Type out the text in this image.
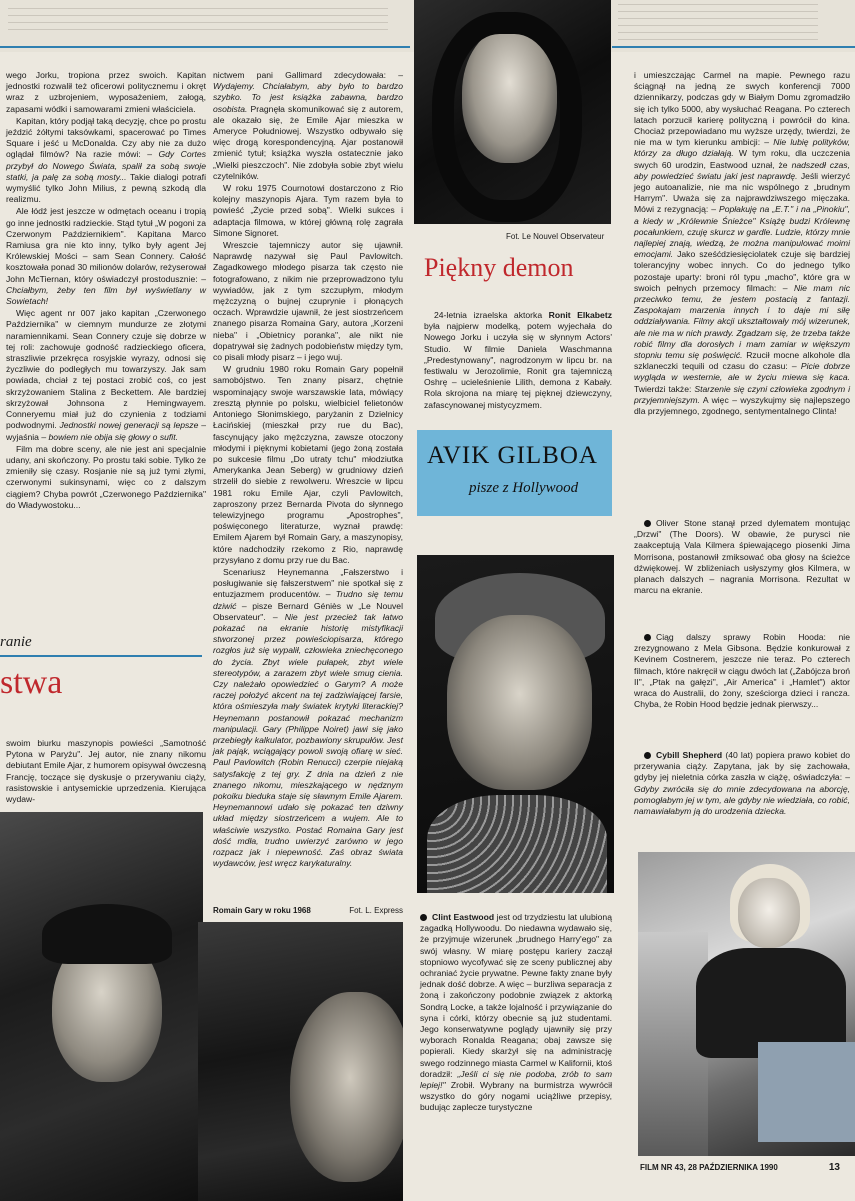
wego Jorku, tropiona przez swoich. Kapitan jednostki rozwalił też oficerowi politycznemu i okręt wraz z uzbrojeniem, wyposażeniem, załogą, zapasami wódki i samowarami zmieni właściciela.

Kapitan, który podjął taką decyzję, chce po prostu jeździć żółtymi taksówkami, spacerować po Times Square i jeść u McDonalda. Czy aby nie za dużo oglądał filmów? Na razie mówi: – Gdy Cortes przybył do Nowego Świata, spalił za sobą swoje statki, ja palę za sobą mosty... Takie dialogi potrafi wymyślić tylko John Milius, z pewną szkodą dla realizmu.

Ale łódź jest jeszcze w odmętach oceanu i tropią go inne jednostki radzieckie. Stąd tytuł „W pogoni za Czerwonym Październikiem". Kapitana Marco Ramiusa gra nie kto inny, tylko były agent Jej Królewskiej Mości – sam Sean Connery. Całość kosztowała ponad 30 milionów dolarów, reżyserował John McTiernan, który oświadczył prostodusznie: – Chciałbym, żeby ten film był wyświetlany w Sowietach!

Więc agent nr 007 jako kapitan „Czerwonego Października" w ciemnym mundurze ze złotymi naramiennikami. Sean Connery czuje się dobrze w tej roli: zachowuje godność radzieckiego oficera, straszliwie przekręca rosyjskie wyrazy, odnosi się życzliwie do podległych mu towarzyszy. Jak sam powiada, chciał z tej postaci zrobić coś, co jest skrzyżowaniem Stalina z Beckettem. Ale bardziej skrzyżował Johnsona z Hemingwayem. Conneryemu miał już do czynienia z todziami podwodnymi. Jednostki nowej generacji są lepsze – wyjaśnia – bowiem nie obija się głowy o sufit.

Film ma dobre sceny, ale nie jest ani specjalnie udany, ani skończony. Po prostu taki sobie. Tylko że zmieniły się czasy. Rosjanie nie są już tymi złymi, czerwonymi sukinsynami, więc co z dalszym ciągiem? Chyba powrót „Czerwonego Października" do Władywostoku...

ranie
stwa

nictwem pani Gallimard zdecydowała: – Wydajemy. Chciałabym, aby było to bardzo szybko. To jest książka zabawna, bardzo osobista. Pragnęła skomunikować się z autorem, ale okazało się, że Emile Ajar mieszka w Ameryce Południowej. Wszystko odbywało się więc drogą korespondencyjną. Ajar postanowił zmienić tytuł; książka wyszła ostatecznie jako „Wielki pieszczoch". Nie zdobyła sobie zbyt wielu czytelników.

W roku 1975 Cournotowi dostarczono z Rio kolejny maszynopis Ajara. Tym razem była to powieść „Życie przed sobą". Wielki sukces i adaptacja filmowa, w której główną rolę zagrała Simone Signoret.

Wreszcie tajemniczy autor się ujawnił. Naprawdę nazywał się Paul Pavlowitch. Zagadkowego młodego pisarza tak często nie fotografowano, z nikim nie przeprowadzono tylu wywiadów, jak z tym szczupłym, młodym mężczyzną o bujnej czuprynie i płonących oczach. Wprawdzie ujawnił, że jest siostrzeńcem znanego pisarza Romaina Gary, autora „Korzeni nieba" i „Obietnicy poranka", ale nikt nie dopatrywał się żadnych podobieństw między tym, co pisali młody pisarz – i jego wuj.

W grudniu 1980 roku Romain Gary popełnił samobójstwo. Ten znany pisarz, chętnie wspominający swoje warszawskie lata, mówiący zresztą płynnie po polsku, wielbiciel felietonów Antoniego Słonimskiego, paryżanin z Dzielnicy Łacińskiej (mieszkał przy rue du Bac), fascynujący jako mężczyzna, zawsze otoczony młodymi i pięknymi kobietami (jego żoną została po sukcesie filmu „Do utraty tchu" młodziutka Amerykanka Jean Seberg) w grudniowy dzień strzelił do siebie z rewolweru. Wreszcie w lipcu 1981 roku Emile Ajar, czyli Pavlowitch, zaproszony przez Bernarda Pivota do słynnego telewizyjnego programu „Apostrophes", poświęconego literaturze, wyznał prawdę: Emilem Ajarem był Romain Gary, a maszynopisy, które nadchodziły rzekomo z Rio, naprawdę przysyłano z domu przy rue du Bac.

Scenariusz Heynemanna „Fałszerstwo i posługiwanie się fałszerstwem" nie spotkał się z entuzjazmem producentów. – Trudno się temu dziwić – pisze Bernard Géniès w „Le Nouvel Observateur". – Nie jest przecież tak łatwo pokazać na ekranie historię mistyfikacji stworzonej przez powieściopisarza, którego rozgłos już się wypalił, człowieka zniechęconego do życia. Zbyt wiele pułapek, zbyt wiele stereotypów, a zarazem zbyt wiele smug cienia. Czy należało opowiedzieć o Garym? A może raczej położyć akcent na tej zadziwiającej farsie, która ośmieszyła mały światek krytyki literackiej? Heynemann postanowił pokazać mechanizm manipulacji. Gary (Philippe Noiret) jawi się jako przebiegły kalkulator, pozbawiony skrupułów. Jest jak pająk, wciągający powoli swoją ofiarę w sieć. Paul Pavlowitch (Robin Renucci) czerpie niejaką satysfakcję z tej gry. Z dnia na dzień z nie znanego nikomu, mieszkającego w nędznym pokoiku bieduka staje się sławnym Emile Ajarem. Heynemannowi udało się pokazać ten dziwny układ między siostrzeńcem a wujem. Ale to właściwie wszystko. Postać Romaina Gary jest dość mdła, trudno uwierzyć zarówno w jego rozpacz jak i niepewność. Zaś obraz świata wydawców, jest wręcz karykaturalny.

swoim biurku maszynopis powieści „Samotność Pytona w Paryżu". Jej autor, nie znany nikomu debiutant Emile Ajar, z humorem opisywał ówczesną Francję, toczące się dyskusje o przerywaniu ciąży, rasistowskie i antysemickie uprzedzenia. Kierująca wydaw-

Romain Gary w roku 1968	Fot. L. Express
Fot. Le Nouvel Observateur
Piękny demon

24-letnia izraelska aktorka Ronit Elkabetz była najpierw modelką, potem wyjechała do Nowego Jorku i uczyła się w słynnym Actors' Studio. W filmie Daniela Waschmanna „Predestynowany", nagrodzonym w lipcu br. na festiwalu w Jerozolimie, Ronit gra tajemniczą Oshrę – ucieleśnienie Lilith, demona z Kabały. Rola skrojona na miarę tej pięknej dziewczyny, zafascynowanej mistycyzmem.

AVIK GILBOA
pisze z Hollywood

Clint Eastwood jest od trzydziestu lat ulubioną zagadką Hollywoodu. Do niedawna wydawało się, że przyjmuje wizerunek „brudnego Harry'ego" za swój własny. W miarę postępu kariery zaczął stopniowo wycofywać się ze sceny publicznej aby ochraniać życie prywatne. Pewne fakty znane były jednak dość dobrze. A więc – burzliwa separacja z żoną i zakończony podobnie związek z aktorką Sondrą Locke, a także lojalność i przywiązanie do syna i córki, którzy obecnie są już studentami. Jego konserwatywne poglądy ujawniły się przy wyborach Ronalda Reagana; obaj zawsze się popierali. Kiedy skarżył się na administrację swego rodzinnego miasta Carmel w Kalifornii, ktoś doradził: „Jeśli ci się nie podoba, zrób to sam lepiej!" Zrobił. Wybrany na burmistrza wywrócił wszystko do góry nogami uciążliwe przepisy, budując zaplecze turystyczne

i umieszczając Carmel na mapie. Pewnego razu ściągnął na jedną ze swych konferencji 7000 dziennikarzy, podczas gdy w Białym Domu zgromadziło się ich tylko 5000, aby wysłuchać Reagana. Po czterech latach porzucił karierę polityczną i powrócił do kina. Chociaż przepowiadano mu wyższe urzędy, twierdzi, że nie ma w tym kierunku ambicji: – Nie lubię polityków, którzy za długo działają. W tym roku, dla uczczenia swych 60 urodzin, Eastwood uznał, że nadszedł czas, aby powiedzieć światu jaki jest naprawdę. Jeśli wierzyć jego autoanalizie, nie ma nic wspólnego z „brudnym Harrym". Uważa się za najprawdziwszego mięczaka. Mówi z rezygnacją: – Popłakuję na „E.T." i na „Pinokiu", a kiedy w „Królewnie Śnieżce" Książę budzi Królewnę pocałunkiem, czuję skurcz w gardle. Ludzie, którzy mnie najlepiej znają, wiedzą, że można manipulować moimi emocjami. Jako sześćdziesięciolatek czuje się bardziej tolerancyjny wobec innych. Co do jednego tylko pozostaje uparty: broni ról typu „macho", które gra w swoich pełnych przemocy filmach: – Nie mam nic przeciwko temu, że jestem postacią z fantazji. Zaspokajam marzenia innych i to daje mi siłę oddziaływania. Filmy akcji ukształtowały mój wizerunek, ale nie ma w nich prawdy. Zgadzam się, że trzeba także robić filmy dla dorosłych i mam zamiar w większym stopniu temu się poświęcić. Rzucił mocne alkohole dla szklaneczki tequili od czasu do czasu: – Picie dobrze wygląda w westernie, ale w życiu miewa się kaca. Twierdzi także: Starzenie się czyni człowieka zgodnym i przyjemniejszym. A więc – wyszykujmy się najlepszego dla przyjemnego, zgodnego, sentymentalnego Clinta!

Oliver Stone stanął przed dylematem montując „Drzwi" (The Doors). W obawie, że purysci nie zaakceptują Vala Kilmera śpiewającego piosenki Jima Morrisona, postanowił zmiksować oba głosy na ścieżce dźwiękowej. W zbliżeniach usłyszymy głos Kilmera, w planach dalszych – nagrania Morrisona. Rezultat w marcu na ekranie.

Ciąg dalszy sprawy Robin Hooda: nie zrezygnowano z Mela Gibsona. Będzie konkurował z Kevinem Costnerem, jeszcze nie teraz. Po czterech filmach, które nakręcił w ciągu dwóch lat („Żabójcza broń II", „Ptak na gałęzi", „Air America" i „Hamlet") aktor wraca do Australii, do żony, sześciorga dzieci i rancza. Chyba, że Robin Hood będzie jednak pierwszy...

Cybill Shepherd (40 lat) popiera prawo kobiet do przerywania ciąży. Zapytana, jak by się zachowała, gdyby jej nieletnia córka zaszła w ciążę, oświadczyła: – Gdyby zwróciła się do mnie zdecydowana na aborcję, pomogłabym jej w tym, ale gdyby nie wiedziała, co robić, namawiałabym ją do urodzenia dziecka.

FILM NR 43, 28 PAŹDZIERNIKA 1990	13
